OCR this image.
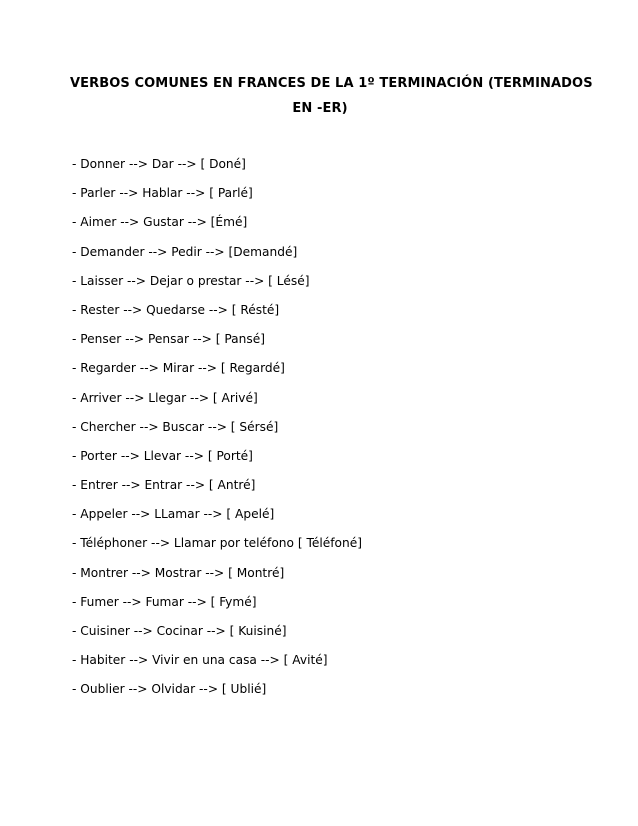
VERBOS COMUNES EN FRANCES DE LA 1º TERMINACIÓN (TERMINADOS
EN -ER)
- Donner --> Dar --> [ Doné]
- Parler --> Hablar --> [ Parlé]
- Aimer --> Gustar --> [Émé]
- Demander --> Pedir --> [Demandé]
- Laisser --> Dejar o prestar --> [ Lésé]
- Rester --> Quedarse --> [ Résté]
- Penser --> Pensar --> [ Pansé]
- Regarder --> Mirar --> [ Regardé]
- Arriver --> Llegar --> [ Arivé]
- Chercher --> Buscar --> [ Sérsé]
- Porter --> Llevar --> [ Porté]
- Entrer --> Entrar --> [ Antré]
- Appeler --> LLamar --> [ Apelé]
- Téléphoner --> Llamar por teléfono [ Téléfoné]
- Montrer --> Mostrar --> [ Montré]
- Fumer --> Fumar --> [ Fymé]
- Cuisiner --> Cocinar --> [ Kuisiné]
- Habiter --> Vivir en una casa --> [ Avité]
- Oublier --> Olvidar --> [ Ublié]
